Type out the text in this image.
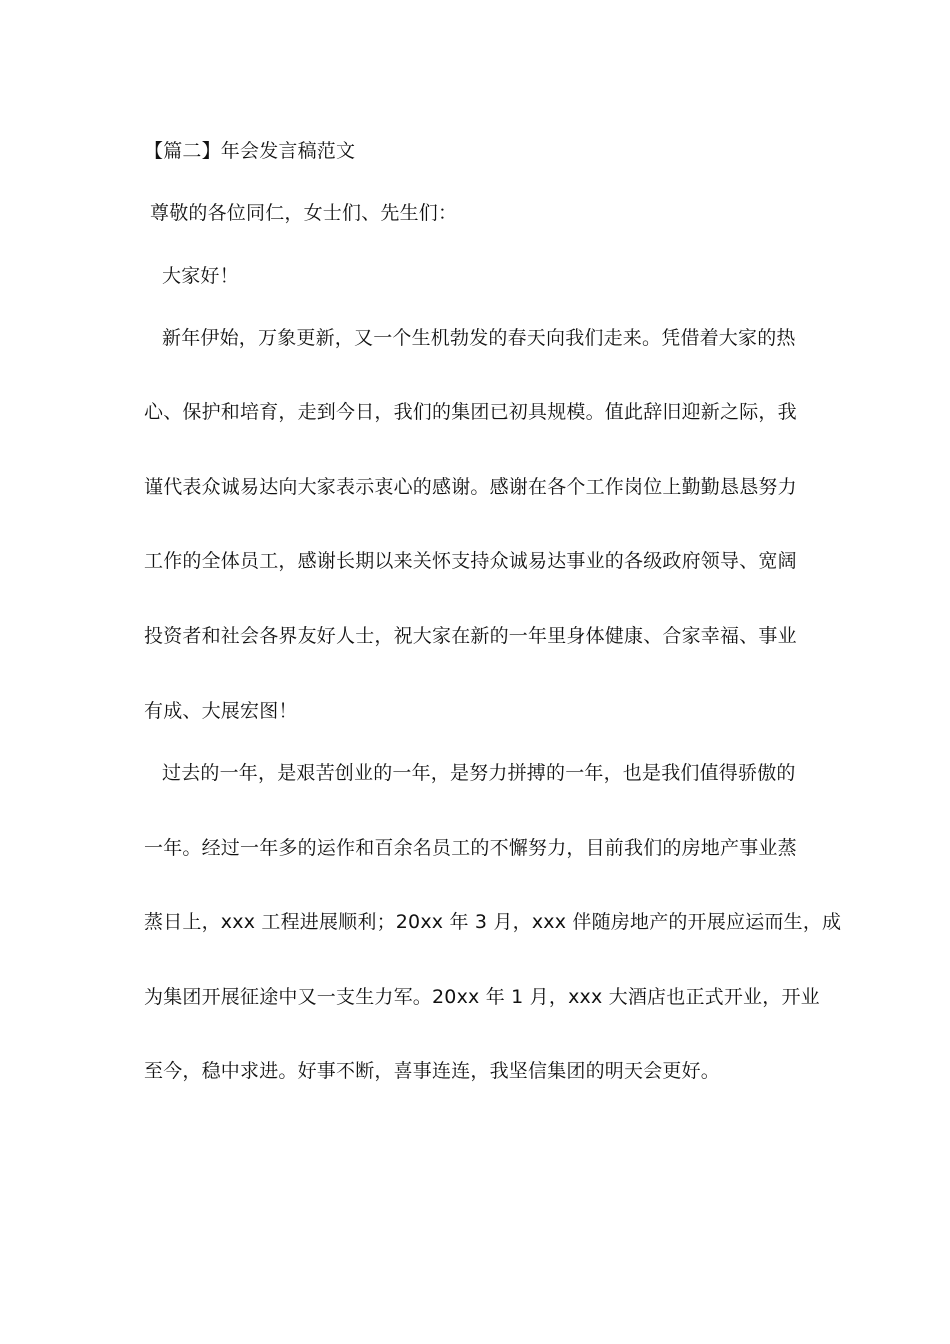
【篇二】年会发言稿范文
尊敬的各位同仁，女士们、先生们：
大家好！
新年伊始，万象更新，又一个生机勃发的春天向我们走来。凭借着大家的热
心、保护和培育，走到今日，我们的集团已初具规模。值此辞旧迎新之际，我
谨代表众诚易达向大家表示衷心的感谢。感谢在各个工作岗位上勤勤恳恳努力
工作的全体员工，感谢长期以来关怀支持众诚易达事业的各级政府领导、宽阔
投资者和社会各界友好人士，祝大家在新的一年里身体健康、合家幸福、事业
有成、大展宏图！
过去的一年，是艰苦创业的一年，是努力拼搏的一年，也是我们值得骄傲的
一年。经过一年多的运作和百余名员工的不懈努力，目前我们的房地产事业蒸
蒸日上，xxx 工程进展顺利；20xx 年 3 月，xxx 伴随房地产的开展应运而生，成
为集团开展征途中又一支生力军。20xx 年 1 月，xxx 大酒店也正式开业，开业
至今，稳中求进。好事不断，喜事连连，我坚信集团的明天会更好。
